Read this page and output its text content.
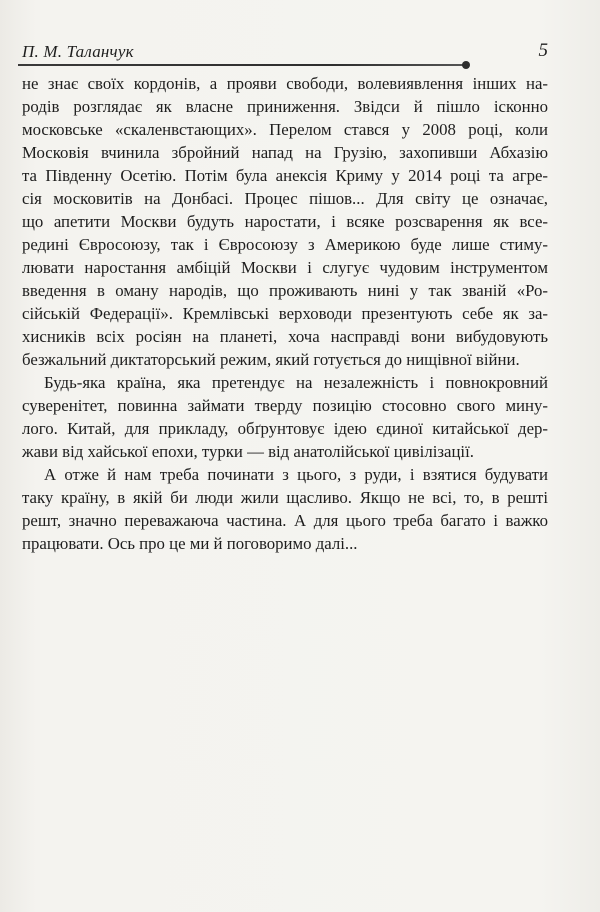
П. М. Таланчук	5

не знає своїх кордонів, а прояви свободи, волевиявлення інших на-
родів розглядає як власне приниження. Звідси й пішло ісконно
московське «скаленвстающих». Перелом стався у 2008 році, коли
Московія вчинила збройний напад на Грузію, захопивши Абхазію
та Південну Осетію. Потім була анексія Криму у 2014 році та агре-
сія московитів на Донбасі. Процес пішов... Для світу це означає,
що апетити Москви будуть наростати, і всяке розсварення як все-
редині Євросоюзу, так і Євросоюзу з Америкою буде лише стиму-
лювати наростання амбіцій Москви і слугує чудовим інструментом
введення в оману народів, що проживають нині у так званій «Ро-
сійській Федерації». Кремлівські верховоди презентують себе як за-
хисників всіх росіян на планеті, хоча насправді вони вибудовують
безжальний диктаторський режим, який готується до нищівної війни.

Будь-яка країна, яка претендує на незалежність і повнокровний
суверенітет, повинна займати тверду позицію стосовно свого мину-
лого. Китай, для прикладу, обґрунтовує ідею єдиної китайської дер-
жави від хайської епохи, турки — від анатолійської цивілізації.

А отже й нам треба починати з цього, з руди, і взятися будувати
таку країну, в якій би люди жили щасливо. Якщо не всі, то, в решті
решт, значно переважаюча частина. А для цього треба багато і важко
працювати. Ось про це ми й поговоримо далі...
